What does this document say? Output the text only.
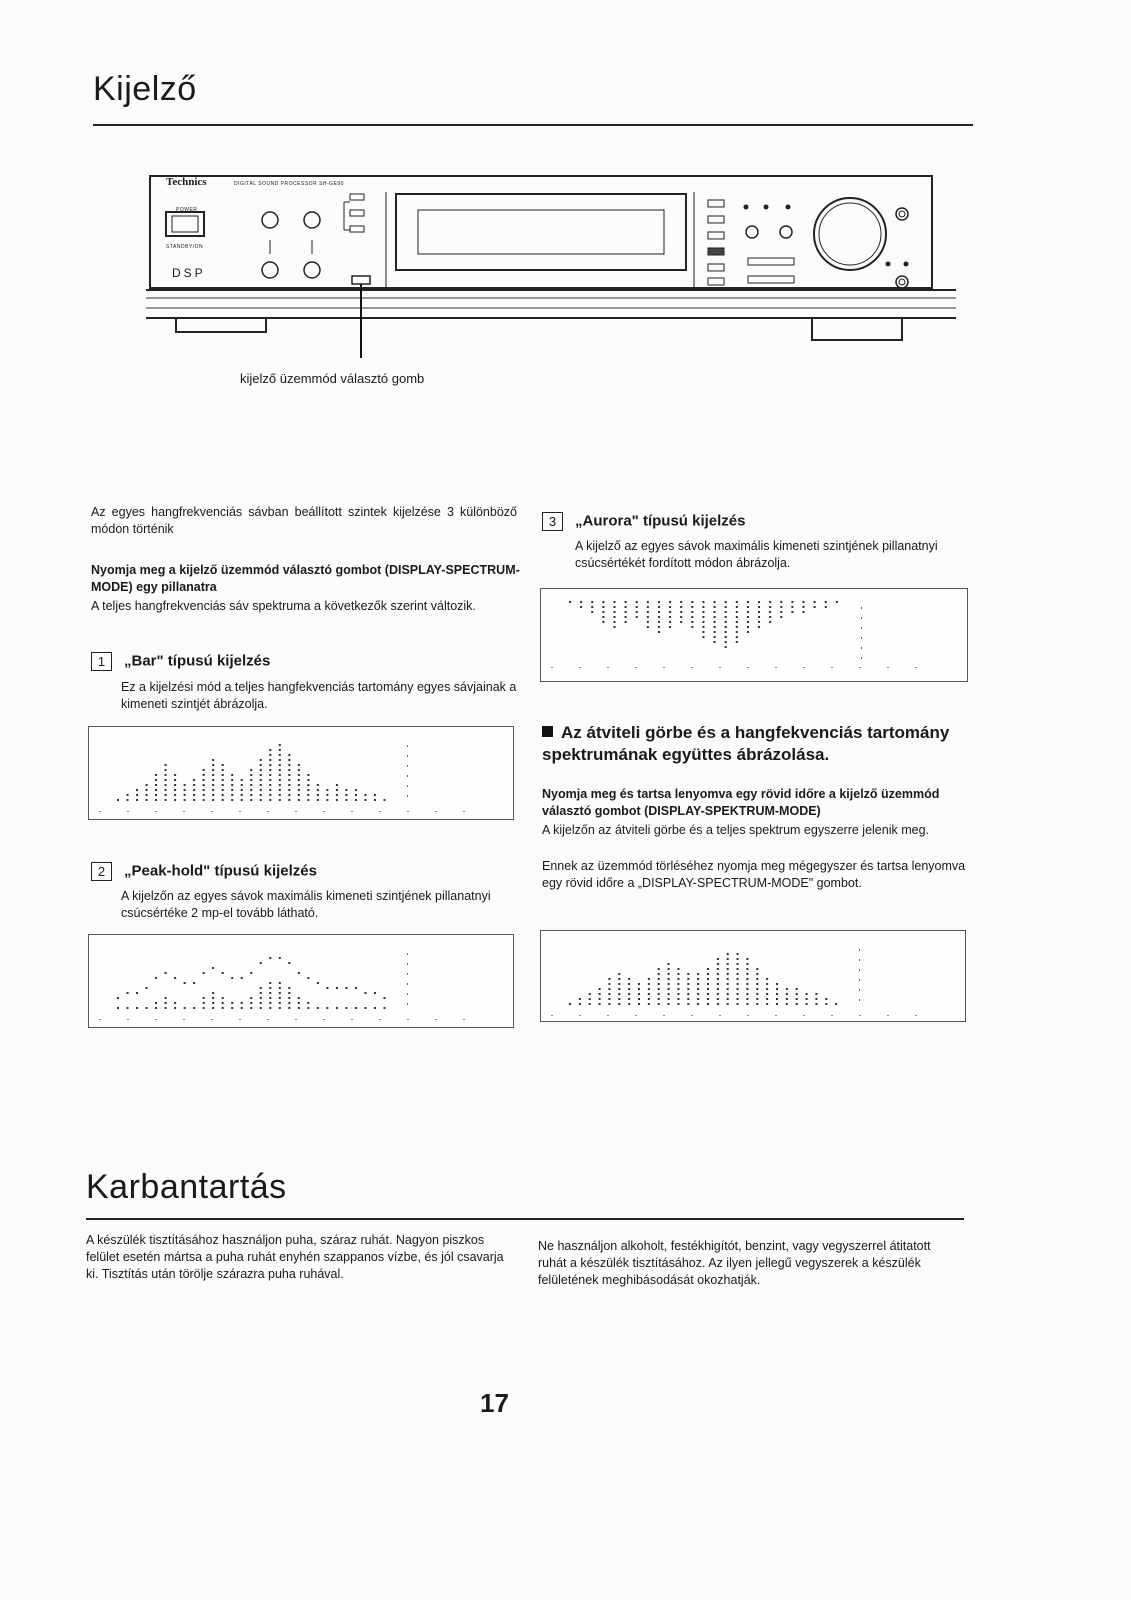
Kijelző
Technics	DIGITAL SOUND PROCESSOR SH-GE90
POWER
STANDBY/ON
DSP
kijelző üzemmód választó gomb
Az egyes hangfrekvenciás sávban beállított szintek kijelzése 3 különböző módon történik
Nyomja meg a kijelző üzemmód választó gombot (DISPLAY-SPECTRUM-MODE) egy pillanatra
A teljes hangfrekvenciás sáv spektruma a következők szerint változik.
1 „Bar" típusú kijelzés
Ez a kijelzési mód a teljes hangfekvenciás tartomány egyes sávjainak a kimeneti szintjét ábrázolja.
2 „Peak-hold" típusú kijelzés
A kijelzőn az egyes sávok maximális kimeneti szintjének pillanatnyi csúcsértéke 2 mp-el tovább látható.
3 „Aurora" típusú kijelzés
A kijelző az egyes sávok maximális kimeneti szintjének pillanatnyi csúcsértékét fordított módon ábrázolja.
Az átviteli görbe és a hangfekvenciás tartomány spektrumának együttes ábrázolása.
Nyomja meg és tartsa lenyomva egy rövid időre a kijelző üzemmód választó gombot (DISPLAY-SPEKTRUM-MODE)
A kijelzőn az átviteli görbe és a teljes spektrum egyszerre jelenik meg.
Ennek az üzemmód törléséhez nyomja meg mégegyszer és tartsa lenyomva egy rövid időre a „DISPLAY-SPECTRUM-MODE" gombot.
Karbantartás
A készülék tisztításához használjon puha, száraz ruhát. Nagyon piszkos felület esetén mártsa a puha ruhát enyhén szappanos vízbe, és jól csavarja ki. Tisztítás után törölje szárazra puha ruhával.
Ne használjon alkoholt, festékhigítót, benzint, vagy vegyszerrel átitatott ruhát a készülék tisztításához. Az ilyen jellegű vegyszerek a készülék felületének meghibásodását okozhatják.
17
